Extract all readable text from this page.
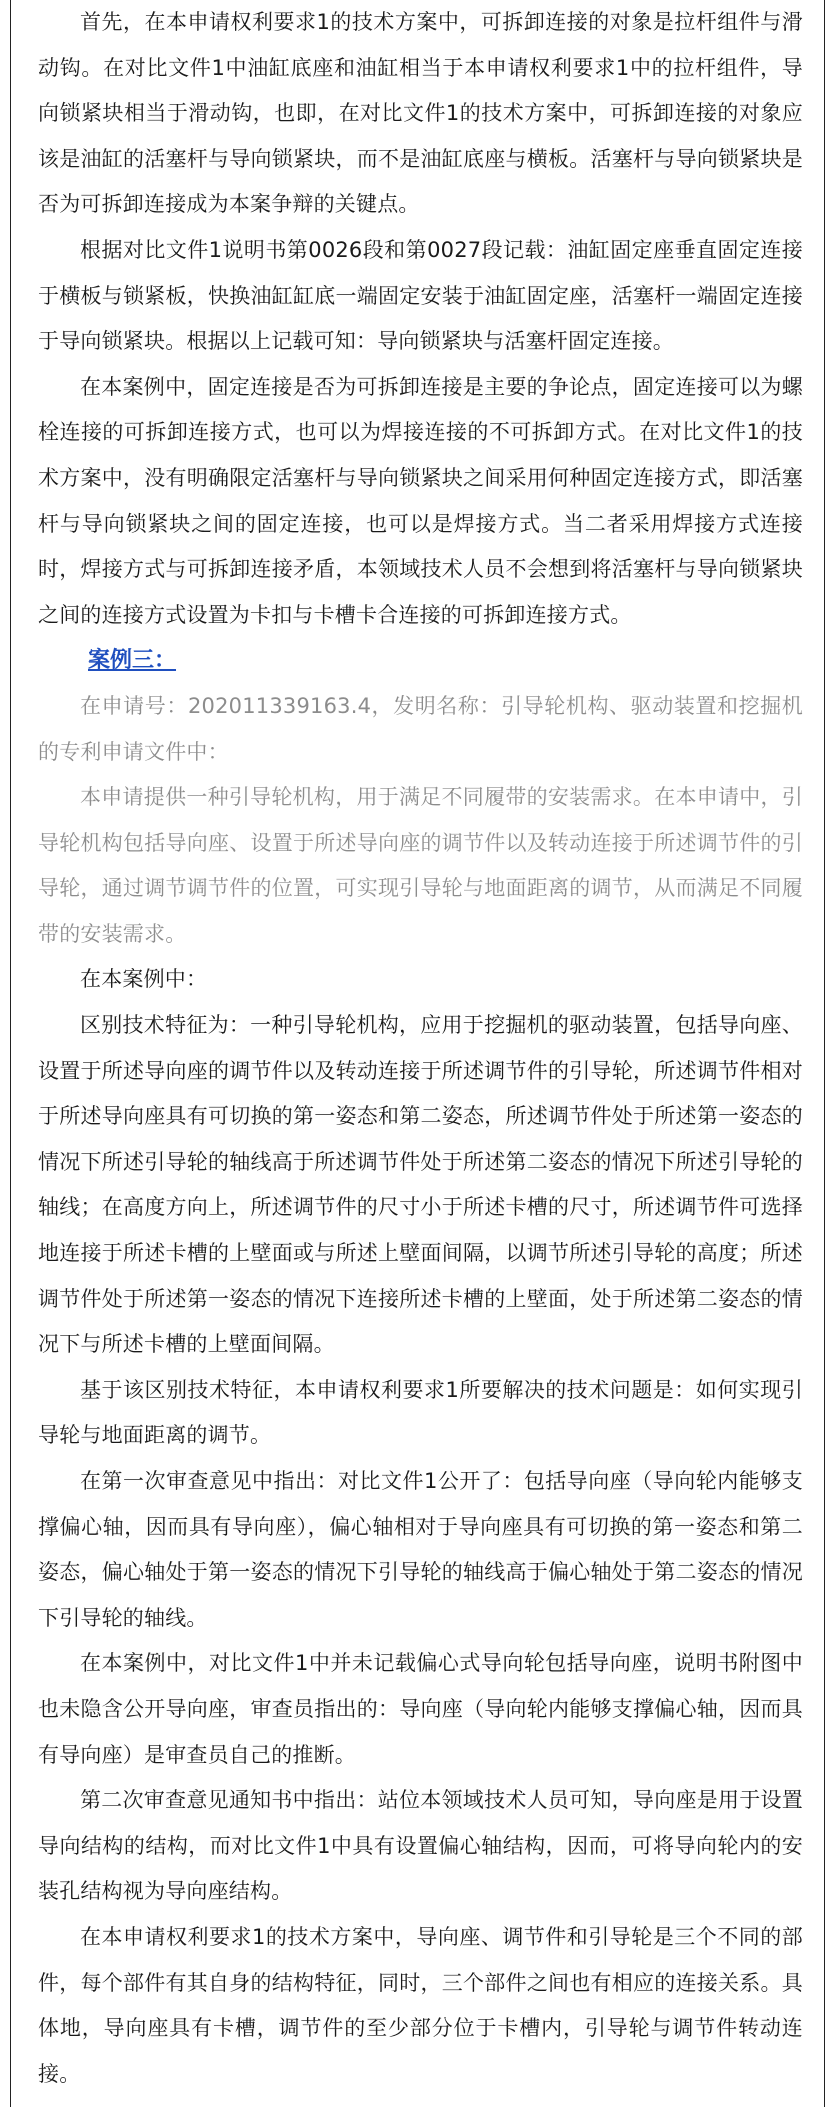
首先，在本申请权利要求1的技术方案中，可拆卸连接的对象是拉杆组件与滑动钩。在对比文件1中油缸底座和油缸相当于本申请权利要求1中的拉杆组件，导向锁紧块相当于滑动钩，也即，在对比文件1的技术方案中，可拆卸连接的对象应该是油缸的活塞杆与导向锁紧块，而不是油缸底座与横板。活塞杆与导向锁紧块是否为可拆卸连接成为本案争辩的关键点。

根据对比文件1说明书第0026段和第0027段记载：油缸固定座垂直固定连接于横板与锁紧板，快换油缸缸底一端固定安装于油缸固定座，活塞杆一端固定连接于导向锁紧块。根据以上记载可知：导向锁紧块与活塞杆固定连接。

在本案例中，固定连接是否为可拆卸连接是主要的争论点，固定连接可以为螺栓连接的可拆卸连接方式，也可以为焊接连接的不可拆卸方式。在对比文件1的技术方案中，没有明确限定活塞杆与导向锁紧块之间采用何种固定连接方式，即活塞杆与导向锁紧块之间的固定连接，也可以是焊接方式。当二者采用焊接方式连接时，焊接方式与可拆卸连接矛盾，本领域技术人员不会想到将活塞杆与导向锁紧块之间的连接方式设置为卡扣与卡槽卡合连接的可拆卸连接方式。

案例三：

在申请号：202011339163.4，发明名称：引导轮机构、驱动装置和挖掘机的专利申请文件中：

本申请提供一种引导轮机构，用于满足不同履带的安装需求。在本申请中，引导轮机构包括导向座、设置于所述导向座的调节件以及转动连接于所述调节件的引导轮，通过调节调节件的位置，可实现引导轮与地面距离的调节，从而满足不同履带的安装需求。

在本案例中：

区别技术特征为：一种引导轮机构，应用于挖掘机的驱动装置，包括导向座、设置于所述导向座的调节件以及转动连接于所述调节件的引导轮，所述调节件相对于所述导向座具有可切换的第一姿态和第二姿态，所述调节件处于所述第一姿态的情况下所述引导轮的轴线高于所述调节件处于所述第二姿态的情况下所述引导轮的轴线；在高度方向上，所述调节件的尺寸小于所述卡槽的尺寸，所述调节件可选择地连接于所述卡槽的上壁面或与所述上壁面间隔，以调节所述引导轮的高度；所述调节件处于所述第一姿态的情况下连接所述卡槽的上壁面，处于所述第二姿态的情况下与所述卡槽的上壁面间隔。

基于该区别技术特征，本申请权利要求1所要解决的技术问题是：如何实现引导轮与地面距离的调节。

在第一次审查意见中指出：对比文件1公开了：包括导向座（导向轮内能够支撑偏心轴，因而具有导向座），偏心轴相对于导向座具有可切换的第一姿态和第二姿态，偏心轴处于第一姿态的情况下引导轮的轴线高于偏心轴处于第二姿态的情况下引导轮的轴线。

在本案例中，对比文件1中并未记载偏心式导向轮包括导向座，说明书附图中也未隐含公开导向座，审查员指出的：导向座（导向轮内能够支撑偏心轴，因而具有导向座）是审查员自己的推断。

第二次审查意见通知书中指出：站位本领域技术人员可知，导向座是用于设置导向结构的结构，而对比文件1中具有设置偏心轴结构，因而，可将导向轮内的安装孔结构视为导向座结构。

在本申请权利要求1的技术方案中，导向座、调节件和引导轮是三个不同的部件，每个部件有其自身的结构特征，同时，三个部件之间也有相应的连接关系。具体地，导向座具有卡槽，调节件的至少部分位于卡槽内，引导轮与调节件转动连接。
